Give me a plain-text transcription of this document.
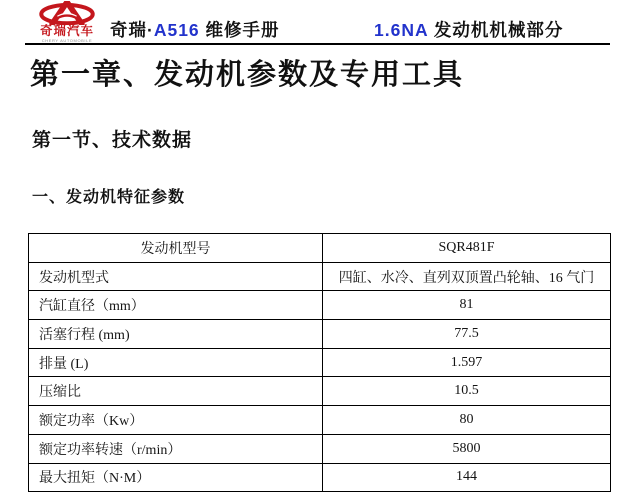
奇瑞汽车
CHERY AUTOMOBILE
奇瑞·A516 维修手册	1.6NA 发动机机械部分
第一章、发动机参数及专用工具
第一节、技术数据
一、发动机特征参数
发动机型号	SQR481F
发动机型式	四缸、水冷、直列双顶置凸轮轴、16 气门
汽缸直径（mm）	81
活塞行程 (mm)	77.5
排量 (L)	1.597
压缩比	10.5
额定功率（Kw）	80
额定功率转速（r/min）	5800
最大扭矩（N·M）	144
